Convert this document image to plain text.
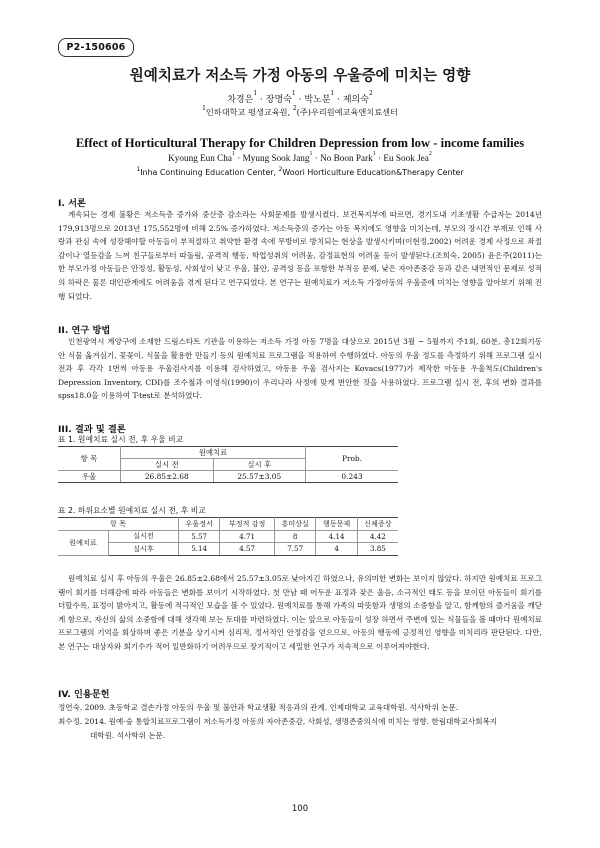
P2-150606
원예치료가 저소득 가정 아동의 우울증에 미치는 영향
차경은$^1$ · 장명숙$^1$ · 박노분$^1$ · 제의숙$^2$
$^1$인하대학교 평생교육원, $^2$(주)우리원예교육앤치료센터
Effect of Horticultural Therapy for Children Depression from low - income families
Kyoung Eun Cha$^1$ · Myung Sook Jang$^1$ · No Boon Park$^1$ · Eu Sook Jea$^2$
$^1$Inha Continuing Education Center, $^2$Woori Horticulture Education&Therapy Center
I. 서론

계속되는 경제 불황은 저소득층 증가와 중산층 감소라는 사회문제를 발생시켰다. 보건복지부에 따르면, 경기도내 기초생활 수급자는 2014년 179,913명으로 2013년 175,552명에 비해 2.5% 증가하였다. 저소득층의 증가는 아동 복지에도 영향을 미치는데, 부모의 장시간 부재로 인해 사랑과 관심 속에 성장해야할 아동들이 부적절하고 취약한 환경 속에 무방비로 방치되는 현상을 발생시키며(이현정,2002) 어려운 경제 사정으로 좌절감이나 열등감을 느껴 친구들로부터 따돌림, 공격적 행동, 학업성취의 어려움, 감정표현의 어려움 등이 발생된다.(조희숙, 2005) 윤은주(2011)는 한 부모가정 아동들은 안정성, 활동성, 사회성이 낮고 우울, 불안, 공격성 등을 포함한 부적응 문제, 낮은 자아존중감 등과 같은 내면적인 문제로 성적의 하락은 물론 대인관계에도 어려움을 겪게 된다고 연구되었다. 본 연구는 원예치료가 저소득 가정아동의 우울증에 미치는 영향을 알아보기 위해 진행 되었다.

II. 연구 방법

인천광역시 계양구에 소재한 드림스타트 기관을 이용하는 저소득 가정 아동 7명을 대상으로 2015년 3월 ~ 5월까지 주1회, 60분, 총12회기동안 식물 옮겨심기, 꽃꽂이, 식물을 활용한 만들기 등의 원예치료 프로그램을 적용하여 수행하였다. 아동의 우울 정도를 측정하기 위해 프로그램 실시 전과 후 각각 1번씩 아동용 우울검사지를 이용해 검사하였고, 아동용 우울 검사지는 Kovacs(1977)가 제작한 아동용 우울척도(Children's Depression Inventory, CDI)를 조수철과 이영식(1990)이 우리나라 사정에 맞게 번안한 것을 사용하였다. 프로그램 실시 전, 후의 변화 결과를 spss18.0을 이용하여 T-test로 분석하였다.

III. 결과 및 결론
표 1. 원예치료 실시 전, 후 우울 비교
항 목	원예치료		Prob.
	실시 전	실시 후	
우울	26.85±2.68	25.57±3.05	0.243
표 2. 하위요소별 원예치료 실시 전, 후 비교
항 목		우울정서	부정적 감정	흥미상실	행동문제	신체증상
원예치료	실시전	5.57	4.71	8	4.14	4.42
	실시후	5.14	4.57	7.57	4	3.85

원예치료 실시 후 아동의 우울은 26.85±2.68에서 25.57±3.05로 낮아지긴 하였으나, 유의미한 변화는 보이지 않았다. 하지만 원예치료 프로그램이 회기를 더해감에 따라 아동들은 변화를 보이기 시작하였다. 첫 만남 때 어두운 표정과 잦은 울음, 소극적인 태도 등을 보이던 아동들이 회기를 더할수록, 표정이 밝아지고, 활동에 적극적인 모습을 볼 수 있었다. 원예치료를 통해 가족의 따뜻함과 생명의 소중함을 알고, 함께함의 즐거움을 깨닫게 함으로, 자신의 삶의 소중함에 대해 생각해 보는 토대를 마련하였다. 이는 앞으로 아동들이 성장 하면서 주변에 있는 식물들을 볼 때마다 원예치료 프로그램의 기억을 회상하며 좋은 기분을 상기시켜 심리적, 정서적인 안정감을 얻으므로, 아동의 행동에 긍정적인 영향을 미치리라 판단된다. 다만, 본 연구는 대상자와 회기수가 적어 일반화하기 어려우므로 장기적이고 세밀한 연구가 지속적으로 이루어져야한다.

IV. 인용문헌

정연숙. 2009. 초등학교 결손가정 아동의 우울 및 불안과 학교생활 적응과의 관계. 인제대학교 교육대학원. 석사학위 논문.

최수정. 2014. 원예·숲 통합치료프로그램이 저소득가정 아동의 자아존중감, 사회성, 생명존중의식에 미치는 영향. 한림대학교사회복지

대학원. 석사학위 논문.

100
